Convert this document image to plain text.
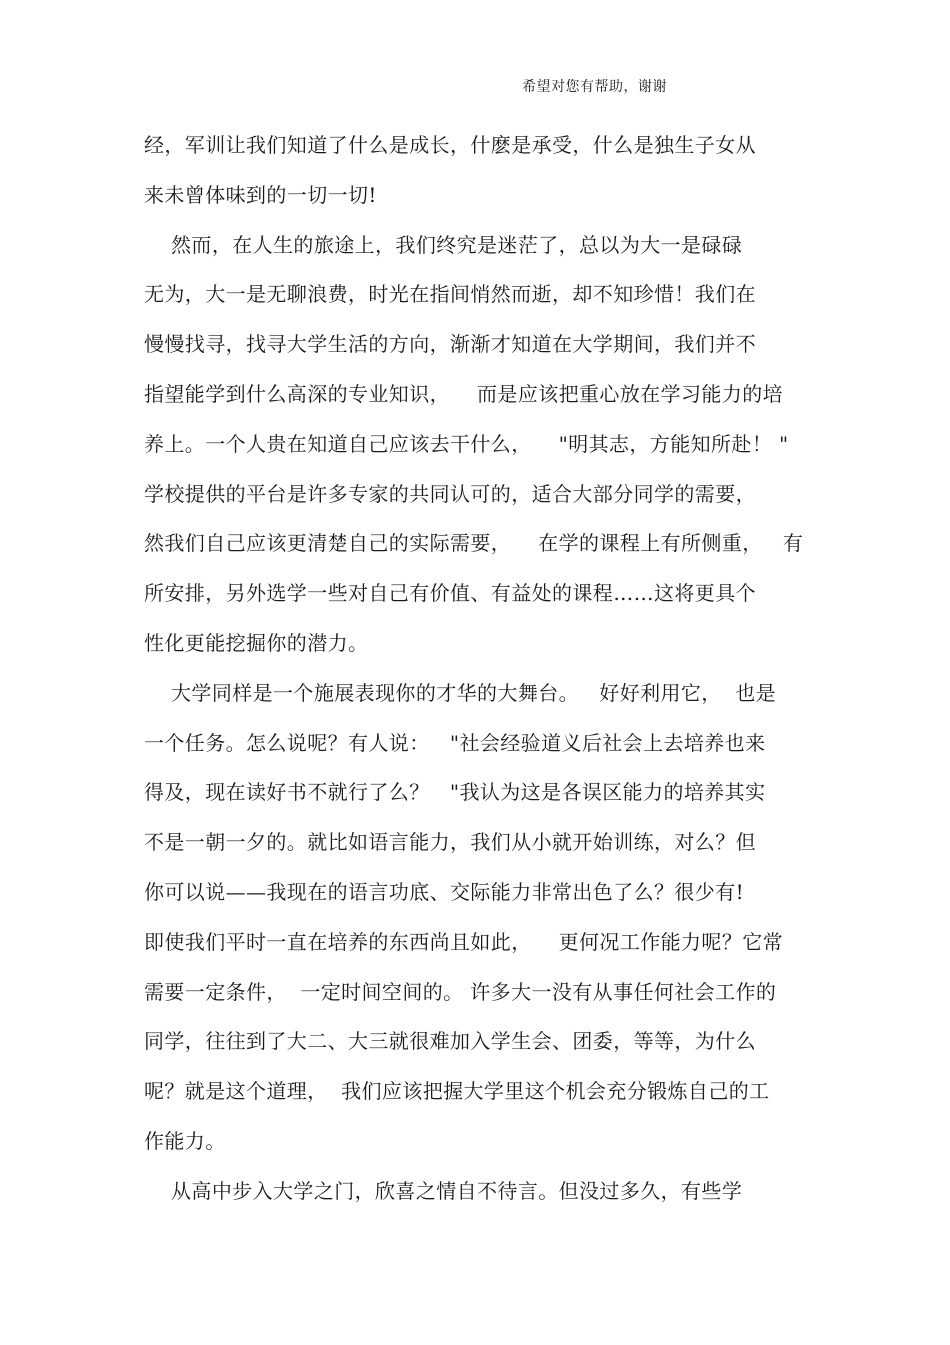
希望对您有帮助，谢谢
经，军训让我们知道了什么是成长，什麽是承受，什么是独生子女从
来未曾体味到的一切一切!
然而，在人生的旅途上，我们终究是迷茫了，总以为大一是碌碌
无为，大一是无聊浪费，时光在指间悄然而逝，却不知珍惜！我们在
慢慢找寻，找寻大学生活的方向，渐渐才知道在大学期间，我们并不
指望能学到什么高深的专业知识，    而是应该把重心放在学习能力的培
养上。一个人贵在知道自己应该去干什么，    "明其志，方能知所赴！ "
学校提供的平台是许多专家的共同认可的，适合大部分同学的需要，
然我们自己应该更清楚自己的实际需要，    在学的课程上有所侧重，   有
所安排，另外选学一些对自己有价值、有益处的课程……这将更具个
性化更能挖掘你的潜力。
大学同样是一个施展表现你的才华的大舞台。   好好利用它，  也是
一个任务。怎么说呢？有人说：   "社会经验道义后社会上去培养也来
得及，现在读好书不就行了么？   "我认为这是各误区能力的培养其实
不是一朝一夕的。就比如语言能力，我们从小就开始训练，对么？但
你可以说——我现在的语言功底、交际能力非常出色了么？很少有!
即使我们平时一直在培养的东西尚且如此，    更何况工作能力呢？它常
需要一定条件，  一定时间空间的。 许多大一没有从事任何社会工作的
同学，往往到了大二、大三就很难加入学生会、团委，等等，为什么
呢？就是这个道理，  我们应该把握大学里这个机会充分锻炼自己的工
作能力。
从高中步入大学之门，欣喜之情自不待言。但没过多久，有些学
